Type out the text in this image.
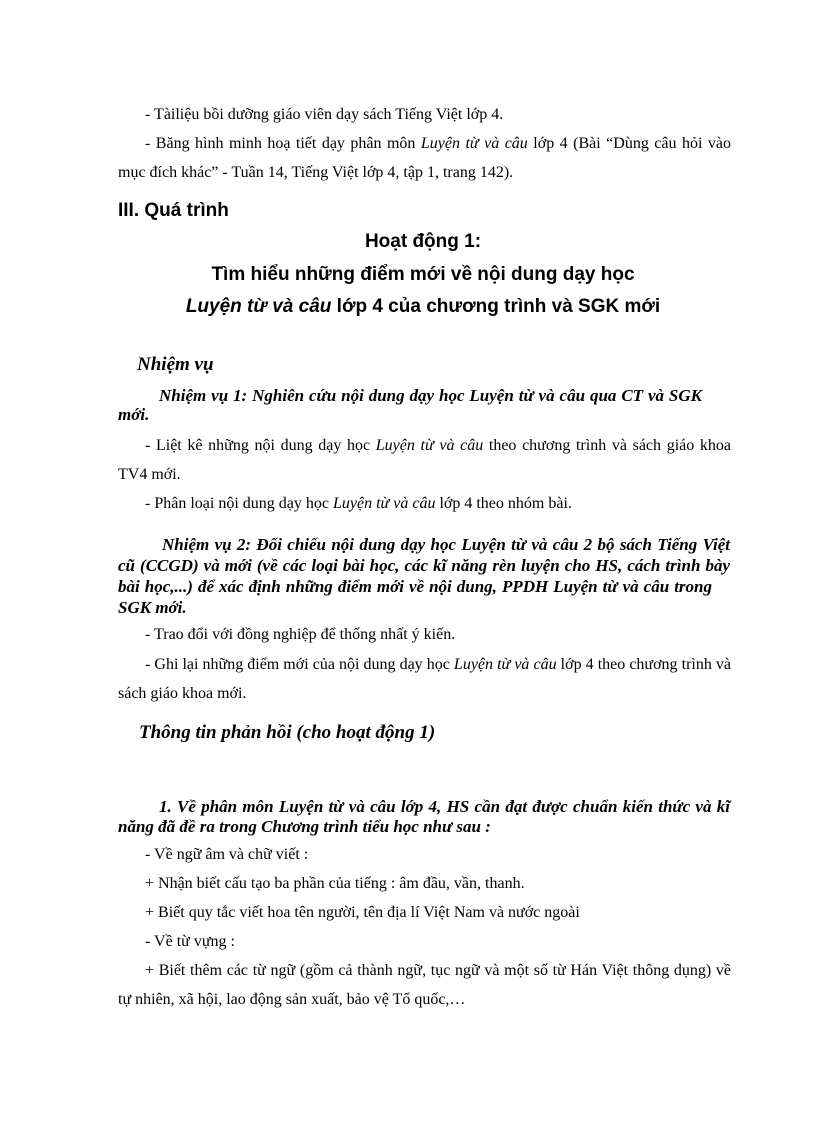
- Tàiliệu bồi dưỡng giáo viên dạy sách Tiếng Việt lớp 4.
- Băng hình minh hoạ tiết dạy phân môn Luyện từ và câu lớp 4 (Bài “Dùng câu hỏi vào
mục đích khác” - Tuần 14, Tiếng Việt lớp 4, tập 1, trang 142).
III. Quá trình
Hoạt động 1:
Tìm hiểu những điểm mới về nội dung dạy học
Luyện từ và câu lớp 4 của chương trình và SGK mới
Nhiệm vụ
Nhiệm vụ 1: Nghiên cứu nội dung dạy học Luyện từ và câu qua CT và SGK
mới.
- Liệt kê những nội dung dạy học Luyện từ và câu theo chương trình và sách giáo khoa
TV4 mới.
- Phân loại nội dung dạy học Luyện từ và câu lớp 4 theo nhóm bài.
Nhiệm vụ 2: Đối chiếu nội dung dạy học Luyện từ và câu 2 bộ sách Tiếng Việt
cũ (CCGD) và mới (về các loại bài học, các kĩ năng rèn luyện cho HS, cách trình bày
bài học,...) để xác định những điểm mới về nội dung, PPDH Luyện từ và câu trong
SGK mới.
- Trao đổi với đồng nghiệp để thống nhất ý kiến.
- Ghi lại những điểm mới của nội dung dạy học Luyện từ và câu lớp 4 theo chương trình và
sách giáo khoa mới.
Thông tin phản hồi (cho hoạt động 1)
1. Về phân môn Luyện từ và câu lớp 4, HS cần đạt được chuẩn kiến thức và kĩ
năng đã đề ra trong Chương trình tiểu học như sau :
- Về ngữ âm và chữ viết :
+ Nhận biết cấu tạo ba phần của tiếng : âm đầu, vần, thanh.
+ Biết quy tắc viết hoa tên người, tên địa lí Việt Nam và nước ngoài
- Về từ vựng :
+ Biết thêm các từ ngữ (gồm cả thành ngữ, tục ngữ và một số từ Hán Việt thông dụng) về
tự nhiên, xã hội, lao động sản xuất, bảo vệ Tổ quốc,…
